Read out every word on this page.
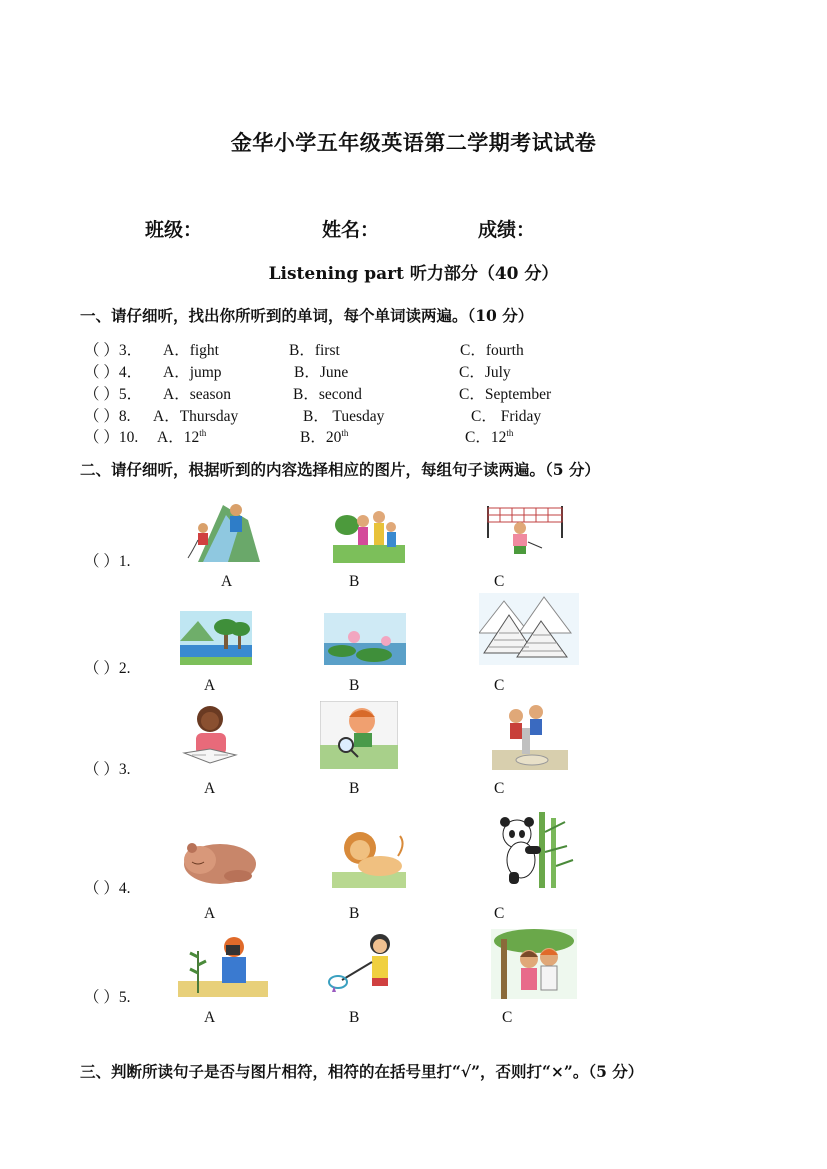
金华小学五年级英语第二学期考试试卷
班级：	姓名：	成绩：
Listening part 听力部分（40 分）
一、请仔细听，找出你所听到的单词，每个单词读两遍。（10 分）
（ ）3． A．fight	B．first	C．fourth
（ ）4． A．jump	B．June	C．July
（ ）5． A．season	B．second	C．September
（ ）8. A．Thursday	B． Tuesday	C． Friday
（ ）10. A．12th	B．20th	C．12th
二、请仔细听，根据听到的内容选择相应的图片，每组句子读两遍。（5 分）
（ ）1.
A	B	C
（ ）2.
A	B	C
（ ）3.
A	B	C
（ ）4.
A	B	C
（ ）5.
A	B	C
三、判断所读句子是否与图片相符，相符的在括号里打“√”，否则打“×”。（5 分）
